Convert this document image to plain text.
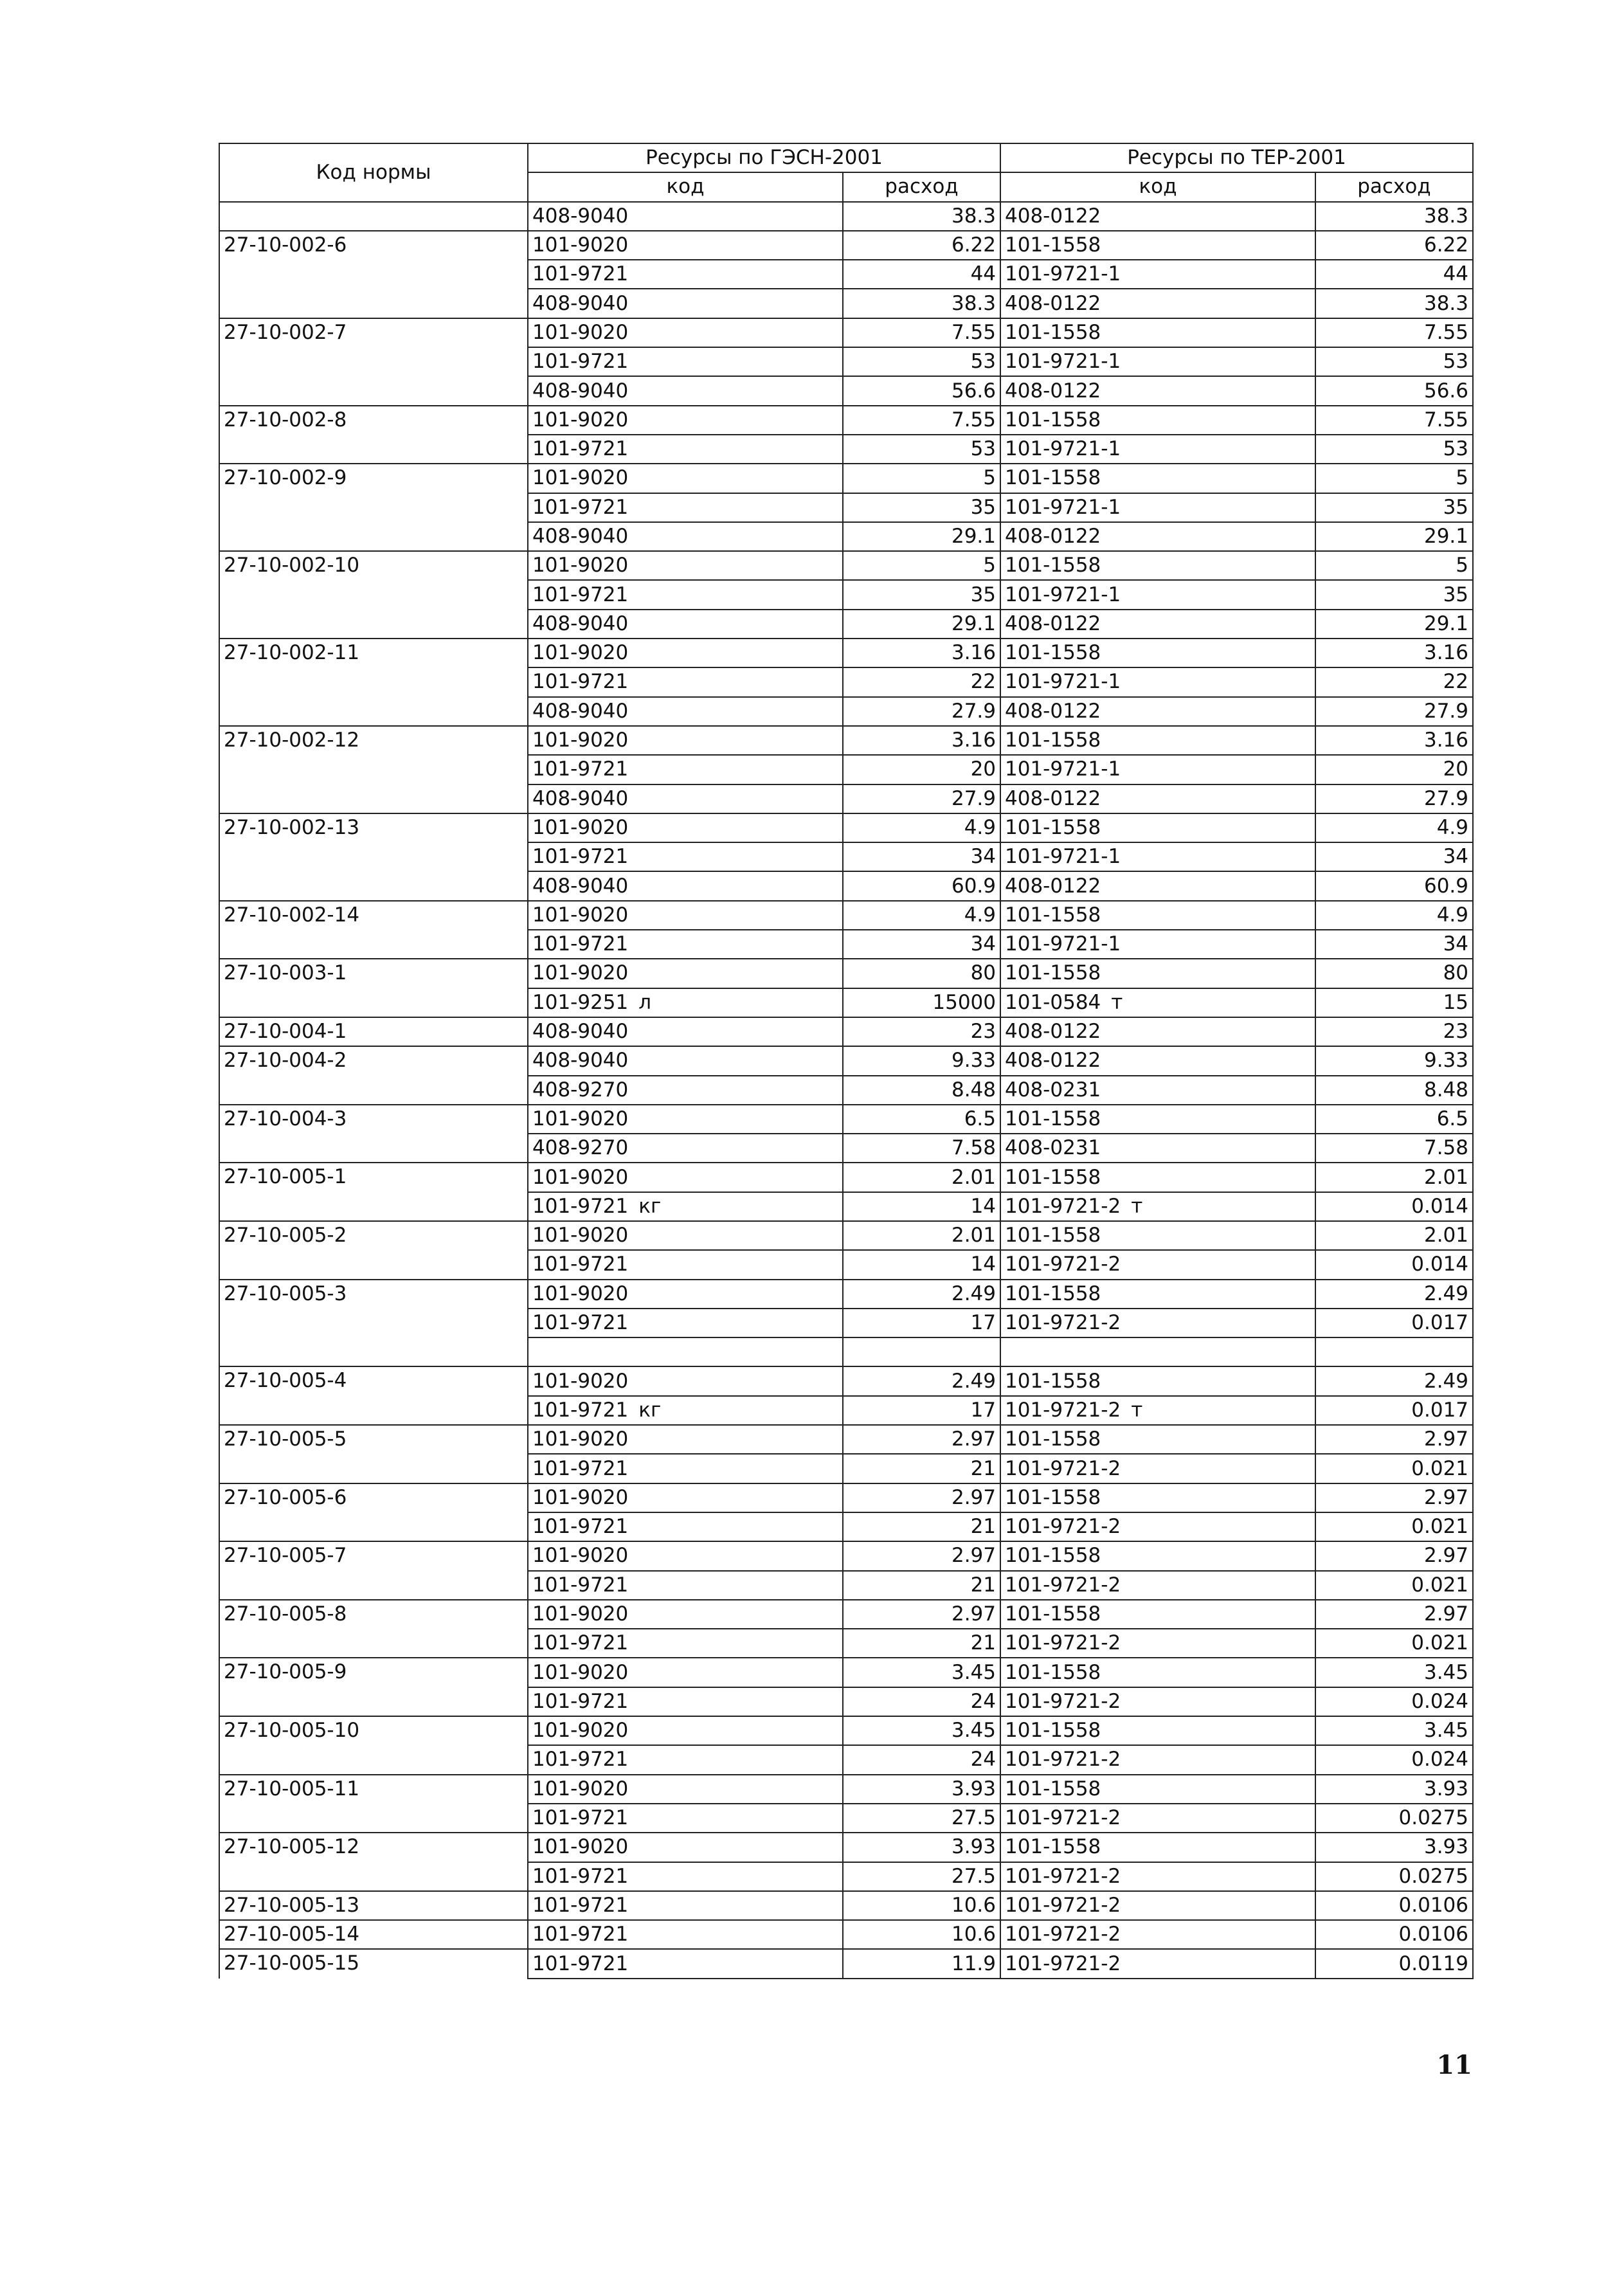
Код нормы	Ресурсы по ГЭСН-2001		Ресурсы по ТЕР-2001	
	код	расход	код	расход
	408-9040	38.3	408-0122	38.3
27-10-002-6	101-9020	6.22	101-1558	6.22
	101-9721	44	101-9721-1	44
	408-9040	38.3	408-0122	38.3
27-10-002-7	101-9020	7.55	101-1558	7.55
	101-9721	53	101-9721-1	53
	408-9040	56.6	408-0122	56.6
27-10-002-8	101-9020	7.55	101-1558	7.55
	101-9721	53	101-9721-1	53
27-10-002-9	101-9020	5	101-1558	5
	101-9721	35	101-9721-1	35
	408-9040	29.1	408-0122	29.1
27-10-002-10	101-9020	5	101-1558	5
	101-9721	35	101-9721-1	35
	408-9040	29.1	408-0122	29.1
27-10-002-11	101-9020	3.16	101-1558	3.16
	101-9721	22	101-9721-1	22
	408-9040	27.9	408-0122	27.9
27-10-002-12	101-9020	3.16	101-1558	3.16
	101-9721	20	101-9721-1	20
	408-9040	27.9	408-0122	27.9
27-10-002-13	101-9020	4.9	101-1558	4.9
	101-9721	34	101-9721-1	34
	408-9040	60.9	408-0122	60.9
27-10-002-14	101-9020	4.9	101-1558	4.9
	101-9721	34	101-9721-1	34
27-10-003-1	101-9020	80	101-1558	80
	101-9251 л	15000	101-0584 т	15
27-10-004-1	408-9040	23	408-0122	23
27-10-004-2	408-9040	9.33	408-0122	9.33
	408-9270	8.48	408-0231	8.48
27-10-004-3	101-9020	6.5	101-1558	6.5
	408-9270	7.58	408-0231	7.58
27-10-005-1	101-9020	2.01	101-1558	2.01
	101-9721 кг	14	101-9721-2 т	0.014
27-10-005-2	101-9020	2.01	101-1558	2.01
	101-9721	14	101-9721-2	0.014
27-10-005-3	101-9020	2.49	101-1558	2.49
	101-9721	17	101-9721-2	0.017

27-10-005-4	101-9020	2.49	101-1558	2.49
	101-9721 кг	17	101-9721-2 т	0.017
27-10-005-5	101-9020	2.97	101-1558	2.97
	101-9721	21	101-9721-2	0.021
27-10-005-6	101-9020	2.97	101-1558	2.97
	101-9721	21	101-9721-2	0.021
27-10-005-7	101-9020	2.97	101-1558	2.97
	101-9721	21	101-9721-2	0.021
27-10-005-8	101-9020	2.97	101-1558	2.97
	101-9721	21	101-9721-2	0.021
27-10-005-9	101-9020	3.45	101-1558	3.45
	101-9721	24	101-9721-2	0.024
27-10-005-10	101-9020	3.45	101-1558	3.45
	101-9721	24	101-9721-2	0.024
27-10-005-11	101-9020	3.93	101-1558	3.93
	101-9721	27.5	101-9721-2	0.0275
27-10-005-12	101-9020	3.93	101-1558	3.93
	101-9721	27.5	101-9721-2	0.0275
27-10-005-13	101-9721	10.6	101-9721-2	0.0106
27-10-005-14	101-9721	10.6	101-9721-2	0.0106
27-10-005-15	101-9721	11.9	101-9721-2	0.0119
11
